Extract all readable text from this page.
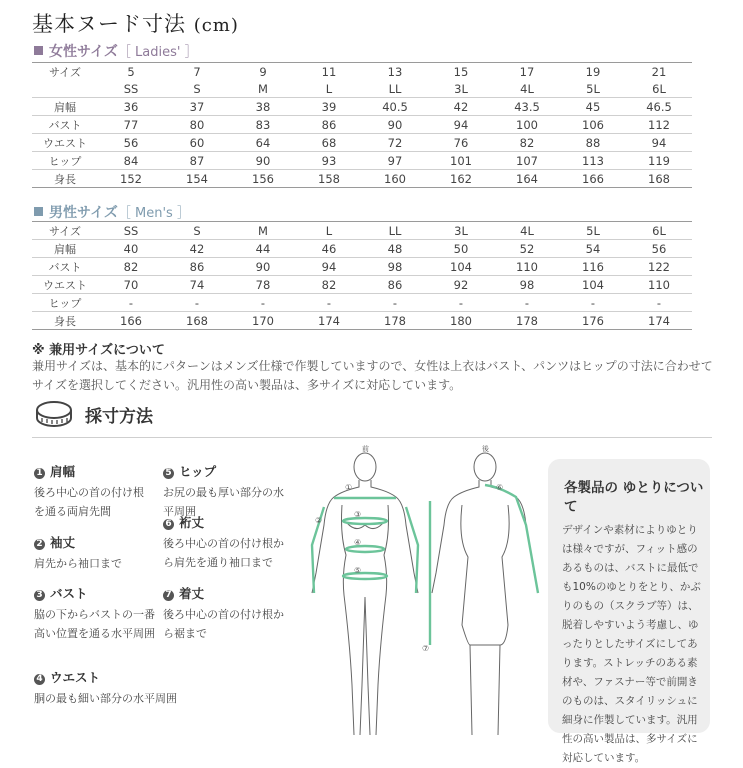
基本ヌード寸法 (cm)
女性サイズ［ Ladies' ］
サイズ	5	7	9	11	13	15	17	19	21
	SS	S	M	L	LL	3L	4L	5L	6L
肩幅	36	37	38	39	40.5	42	43.5	45	46.5
バスト	77	80	83	86	90	94	100	106	112
ウエスト	56	60	64	68	72	76	82	88	94
ヒップ	84	87	90	93	97	101	107	113	119
身長	152	154	156	158	160	162	164	166	168
男性サイズ［ Men's ］
サイズ	SS	S	M	L	LL	3L	4L	5L	6L
肩幅	40	42	44	46	48	50	52	54	56
バスト	82	86	90	94	98	104	110	116	122
ウエスト	70	74	78	82	86	92	98	104	110
ヒップ	-	-	-	-	-	-	-	-	-
身長	166	168	170	174	178	180	178	176	174
※ 兼用サイズについて
兼用サイズは、基本的にパターンはメンズ仕様で作製していますので、女性は上衣はバスト、パンツはヒップの寸法に合わせてサイズを選択してください。汎用性の高い製品は、多サイズに対応しています。
採寸方法
1 肩幅
後ろ中心の首の付け根を通る両肩先間
2 袖丈
肩先から袖口まで
3 バスト
脇の下からバストの一番高い位置を通る水平周囲
4 ウエスト
胴の最も細い部分の水平周囲
5 ヒップ
お尻の最も厚い部分の水平周囲
6 裄丈
後ろ中心の首の付け根から肩先を通り袖口まで
7 着丈
後ろ中心の首の付け根から裾まで
前	後
①
②
③
④
⑤
⑥
⑦
各製品の ゆとりについて
デザインや素材によりゆとりは様々ですが、フィット感のあるものは、バストに最低でも10%のゆとりをとり、かぶりのもの（スクラブ等）は、脱着しやすいよう考慮し、ゆったりとしたサイズにしてあります。ストレッチのある素材や、ファスナー等で前開きのものは、スタイリッシュに細身に作製しています。汎用性の高い製品は、多サイズに対応しています。
